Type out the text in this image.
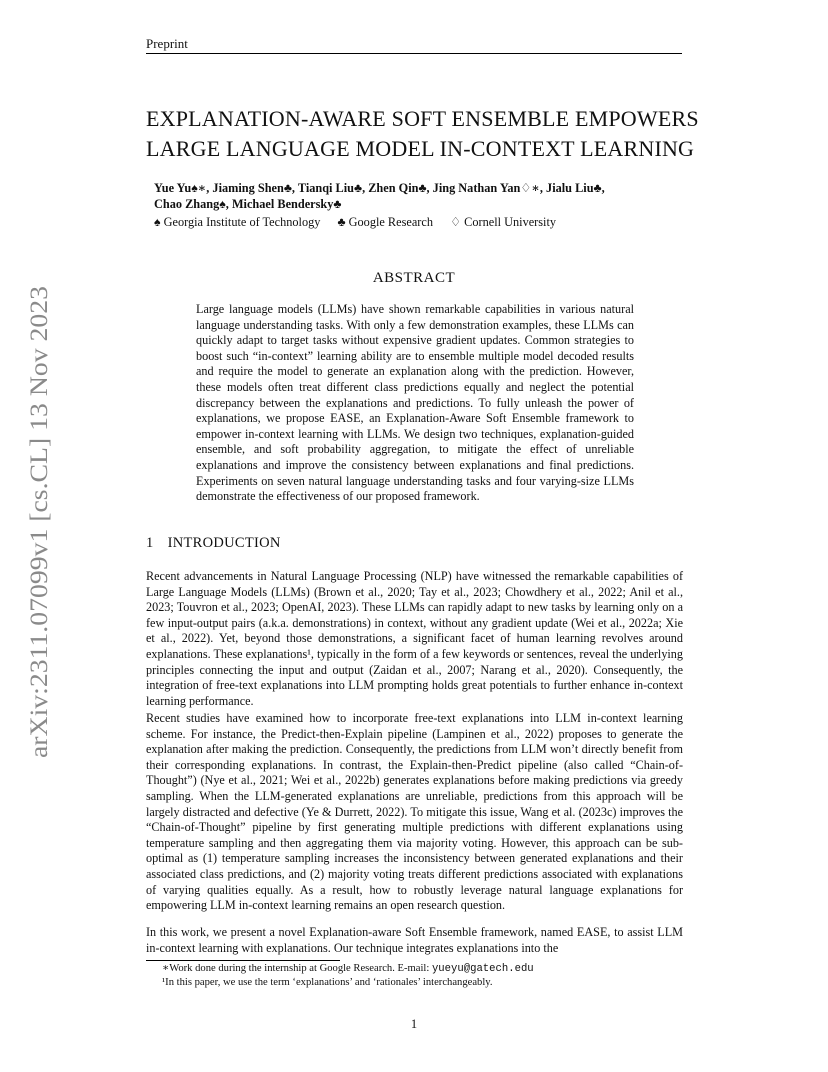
Preprint
EXPLANATION-AWARE SOFT ENSEMBLE EMPOWERS
LARGE LANGUAGE MODEL IN-CONTEXT LEARNING
Yue Yu♠∗, Jiaming Shen♣, Tianqi Liu♣, Zhen Qin♣, Jing Nathan Yan♢∗, Jialu Liu♣,
Chao Zhang♠, Michael Bendersky♣
♠ Georgia Institute of Technology ♣ Google Research ♢ Cornell University
ABSTRACT
Large language models (LLMs) have shown remarkable capabilities in various natural language understanding tasks. With only a few demonstration examples, these LLMs can quickly adapt to target tasks without expensive gradient updates. Common strategies to boost such “in-context” learning ability are to ensemble multiple model decoded results and require the model to generate an explanation along with the prediction. However, these models often treat different class predictions equally and neglect the potential discrepancy between the explanations and predictions. To fully unleash the power of explanations, we propose EASE, an Explanation-Aware Soft Ensemble framework to empower in-context learning with LLMs. We design two techniques, explanation-guided ensemble, and soft probability aggregation, to mitigate the effect of unreliable explanations and improve the consistency between explanations and final predictions. Experiments on seven natural language understanding tasks and four varying-size LLMs demonstrate the effectiveness of our proposed framework.
1 INTRODUCTION
Recent advancements in Natural Language Processing (NLP) have witnessed the remarkable capabilities of Large Language Models (LLMs) (Brown et al., 2020; Tay et al., 2023; Chowdhery et al., 2022; Anil et al., 2023; Touvron et al., 2023; OpenAI, 2023). These LLMs can rapidly adapt to new tasks by learning only on a few input-output pairs (a.k.a. demonstrations) in context, without any gradient update (Wei et al., 2022a; Xie et al., 2022). Yet, beyond those demonstrations, a significant facet of human learning revolves around explanations. These explanations¹, typically in the form of a few keywords or sentences, reveal the underlying principles connecting the input and output (Zaidan et al., 2007; Narang et al., 2020). Consequently, the integration of free-text explanations into LLM prompting holds great potentials to further enhance in-context learning performance.
Recent studies have examined how to incorporate free-text explanations into LLM in-context learning scheme. For instance, the Predict-then-Explain pipeline (Lampinen et al., 2022) proposes to generate the explanation after making the prediction. Consequently, the predictions from LLM won’t directly benefit from their corresponding explanations. In contrast, the Explain-then-Predict pipeline (also called “Chain-of-Thought”) (Nye et al., 2021; Wei et al., 2022b) generates explanations before making predictions via greedy sampling. When the LLM-generated explanations are unreliable, predictions from this approach will be largely distracted and defective (Ye & Durrett, 2022). To mitigate this issue, Wang et al. (2023c) improves the “Chain-of-Thought” pipeline by first generating multiple predictions with different explanations using temperature sampling and then aggregating them via majority voting. However, this approach can be sub-optimal as (1) temperature sampling increases the inconsistency between generated explanations and their associated class predictions, and (2) majority voting treats different predictions associated with explanations of varying qualities equally. As a result, how to robustly leverage natural language explanations for empowering LLM in-context learning remains an open research question.
In this work, we present a novel Explanation-aware Soft Ensemble framework, named EASE, to assist LLM in-context learning with explanations. Our technique integrates explanations into the
∗Work done during the internship at Google Research. E-mail: yueyu@gatech.edu
¹In this paper, we use the term ‘explanations’ and ‘rationales’ interchangeably.
1
arXiv:2311.07099v1 [cs.CL] 13 Nov 2023
